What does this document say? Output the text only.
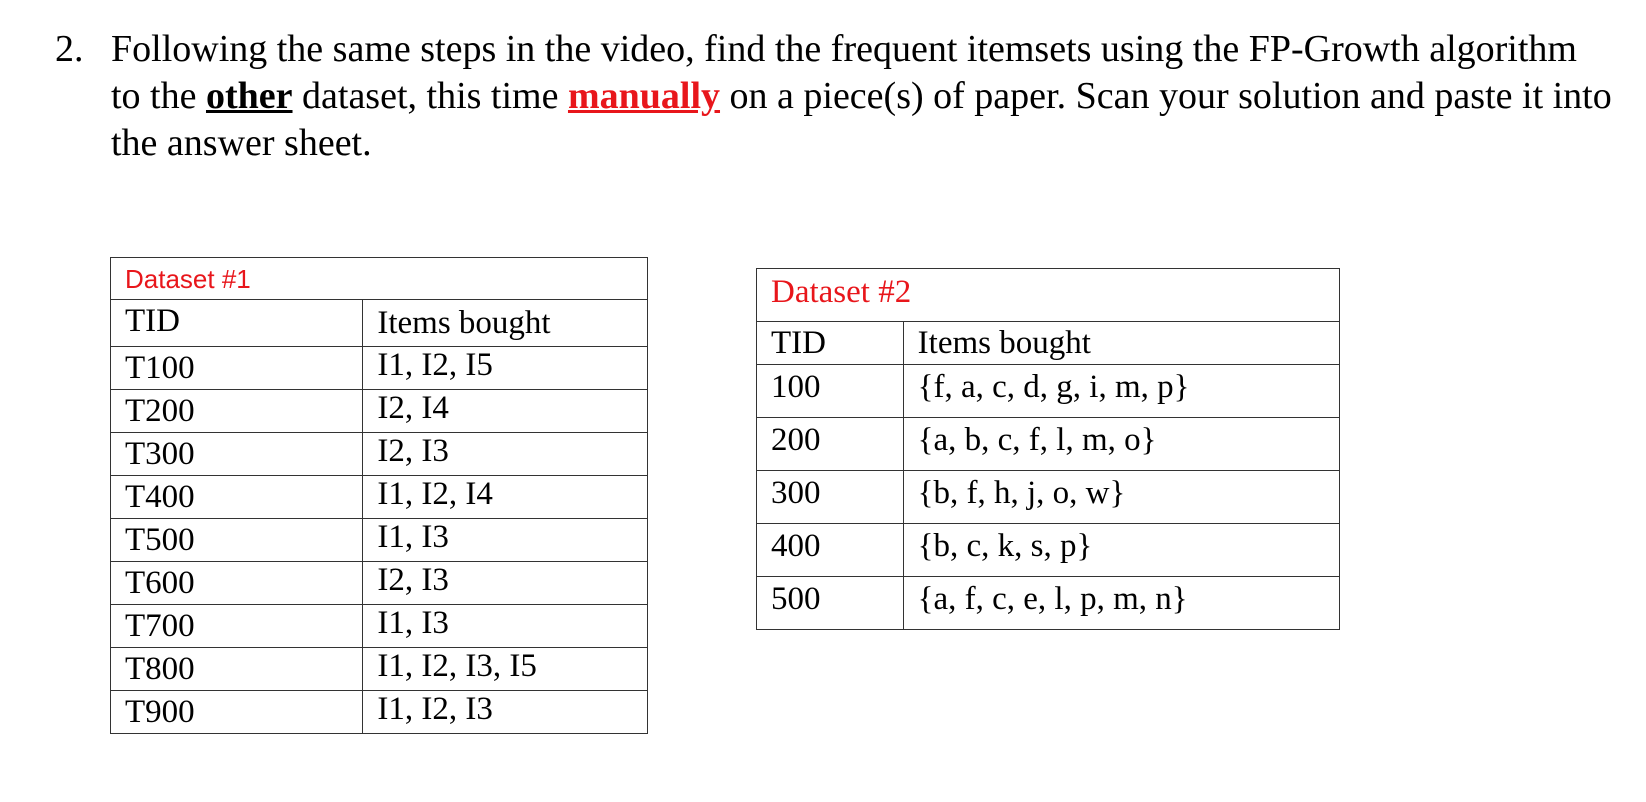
2. Following the same steps in the video, find the frequent itemsets using the FP-Growth algorithm to the other dataset, this time manually on a piece(s) of paper. Scan your solution and paste it into the answer sheet.
Dataset #1	
TID	Items bought
T100	I1, I2, I5
T200	I2, I4
T300	I2, I3
T400	I1, I2, I4
T500	I1, I3
T600	I2, I3
T700	I1, I3
T800	I1, I2, I3, I5
T900	I1, I2, I3
Dataset #2	
TID	Items bought
100	{f, a, c, d, g, i, m, p}
200	{a, b, c, f, l, m, o}
300	{b, f, h, j, o, w}
400	{b, c, k, s, p}
500	{a, f, c, e, l, p, m, n}
